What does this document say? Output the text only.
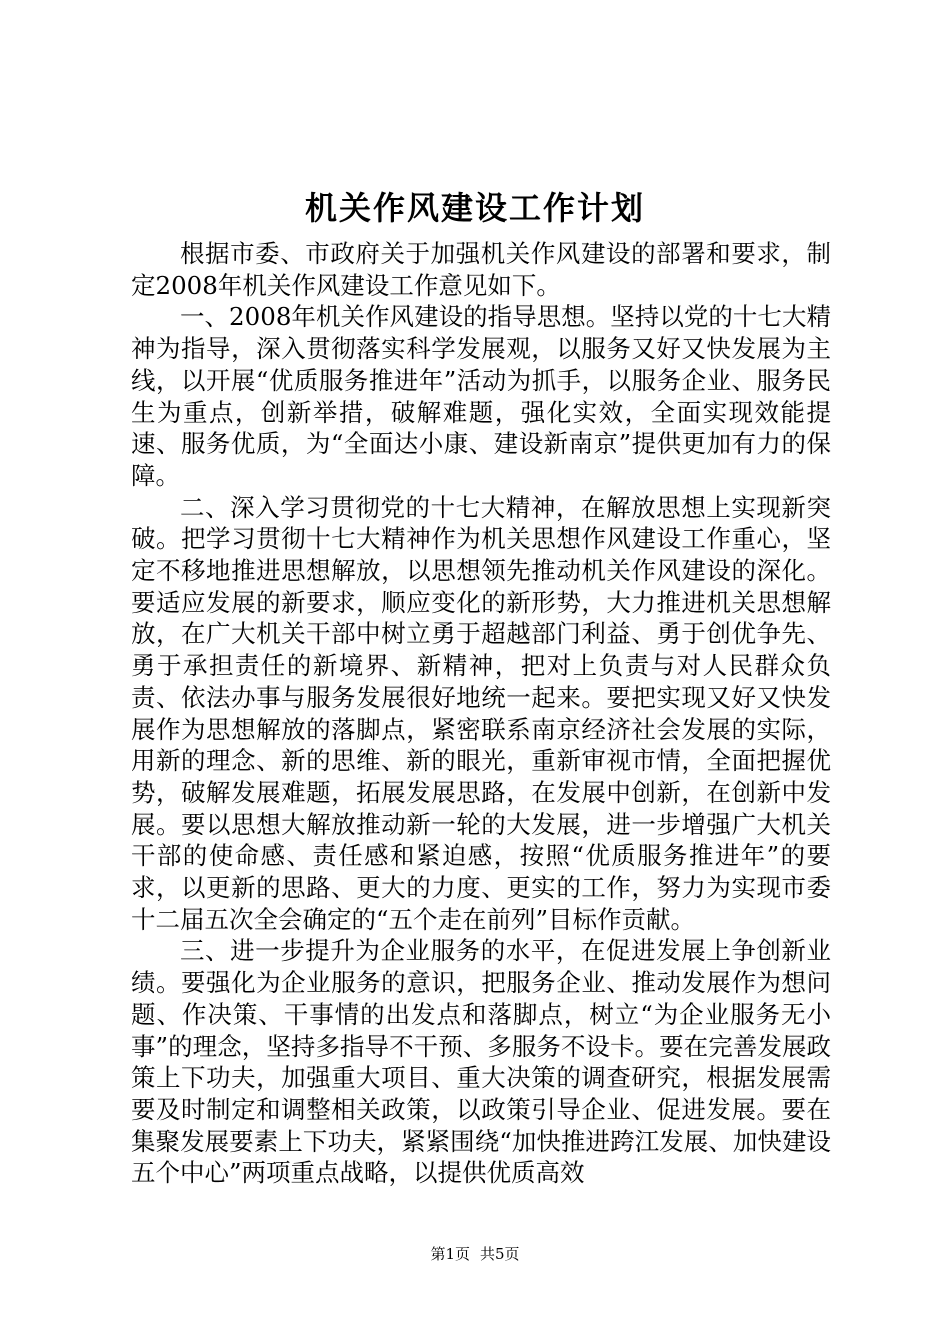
机关作风建设工作计划

根据市委、市政府关于加强机关作风建设的部署和要求，制定2008年机关作风建设工作意见如下。

一、2008年机关作风建设的指导思想。坚持以党的十七大精神为指导，深入贯彻落实科学发展观，以服务又好又快发展为主线，以开展“优质服务推进年”活动为抓手，以服务企业、服务民生为重点，创新举措，破解难题，强化实效，全面实现效能提速、服务优质，为“全面达小康、建设新南京”提供更加有力的保障。

二、深入学习贯彻党的十七大精神，在解放思想上实现新突破。把学习贯彻十七大精神作为机关思想作风建设工作重心，坚定不移地推进思想解放，以思想领先推动机关作风建设的深化。要适应发展的新要求，顺应变化的新形势，大力推进机关思想解放，在广大机关干部中树立勇于超越部门利益、勇于创优争先、勇于承担责任的新境界、新精神，把对上负责与对人民群众负责、依法办事与服务发展很好地统一起来。要把实现又好又快发展作为思想解放的落脚点，紧密联系南京经济社会发展的实际，用新的理念、新的思维、新的眼光，重新审视市情，全面把握优势，破解发展难题，拓展发展思路，在发展中创新，在创新中发展。要以思想大解放推动新一轮的大发展，进一步增强广大机关干部的使命感、责任感和紧迫感，按照“优质服务推进年”的要求，以更新的思路、更大的力度、更实的工作，努力为实现市委十二届五次全会确定的“五个走在前列”目标作贡献。

三、进一步提升为企业服务的水平，在促进发展上争创新业绩。要强化为企业服务的意识，把服务企业、推动发展作为想问题、作决策、干事情的出发点和落脚点，树立“为企业服务无小事”的理念，坚持多指导不干预、多服务不设卡。要在完善发展政策上下功夫，加强重大项目、重大决策的调查研究，根据发展需要及时制定和调整相关政策，以政策引导企业、促进发展。要在集聚发展要素上下功夫，紧紧围绕“加快推进跨江发展、加快建设五个中心”两项重点战略，以提供优质高效

第1页 共5页
